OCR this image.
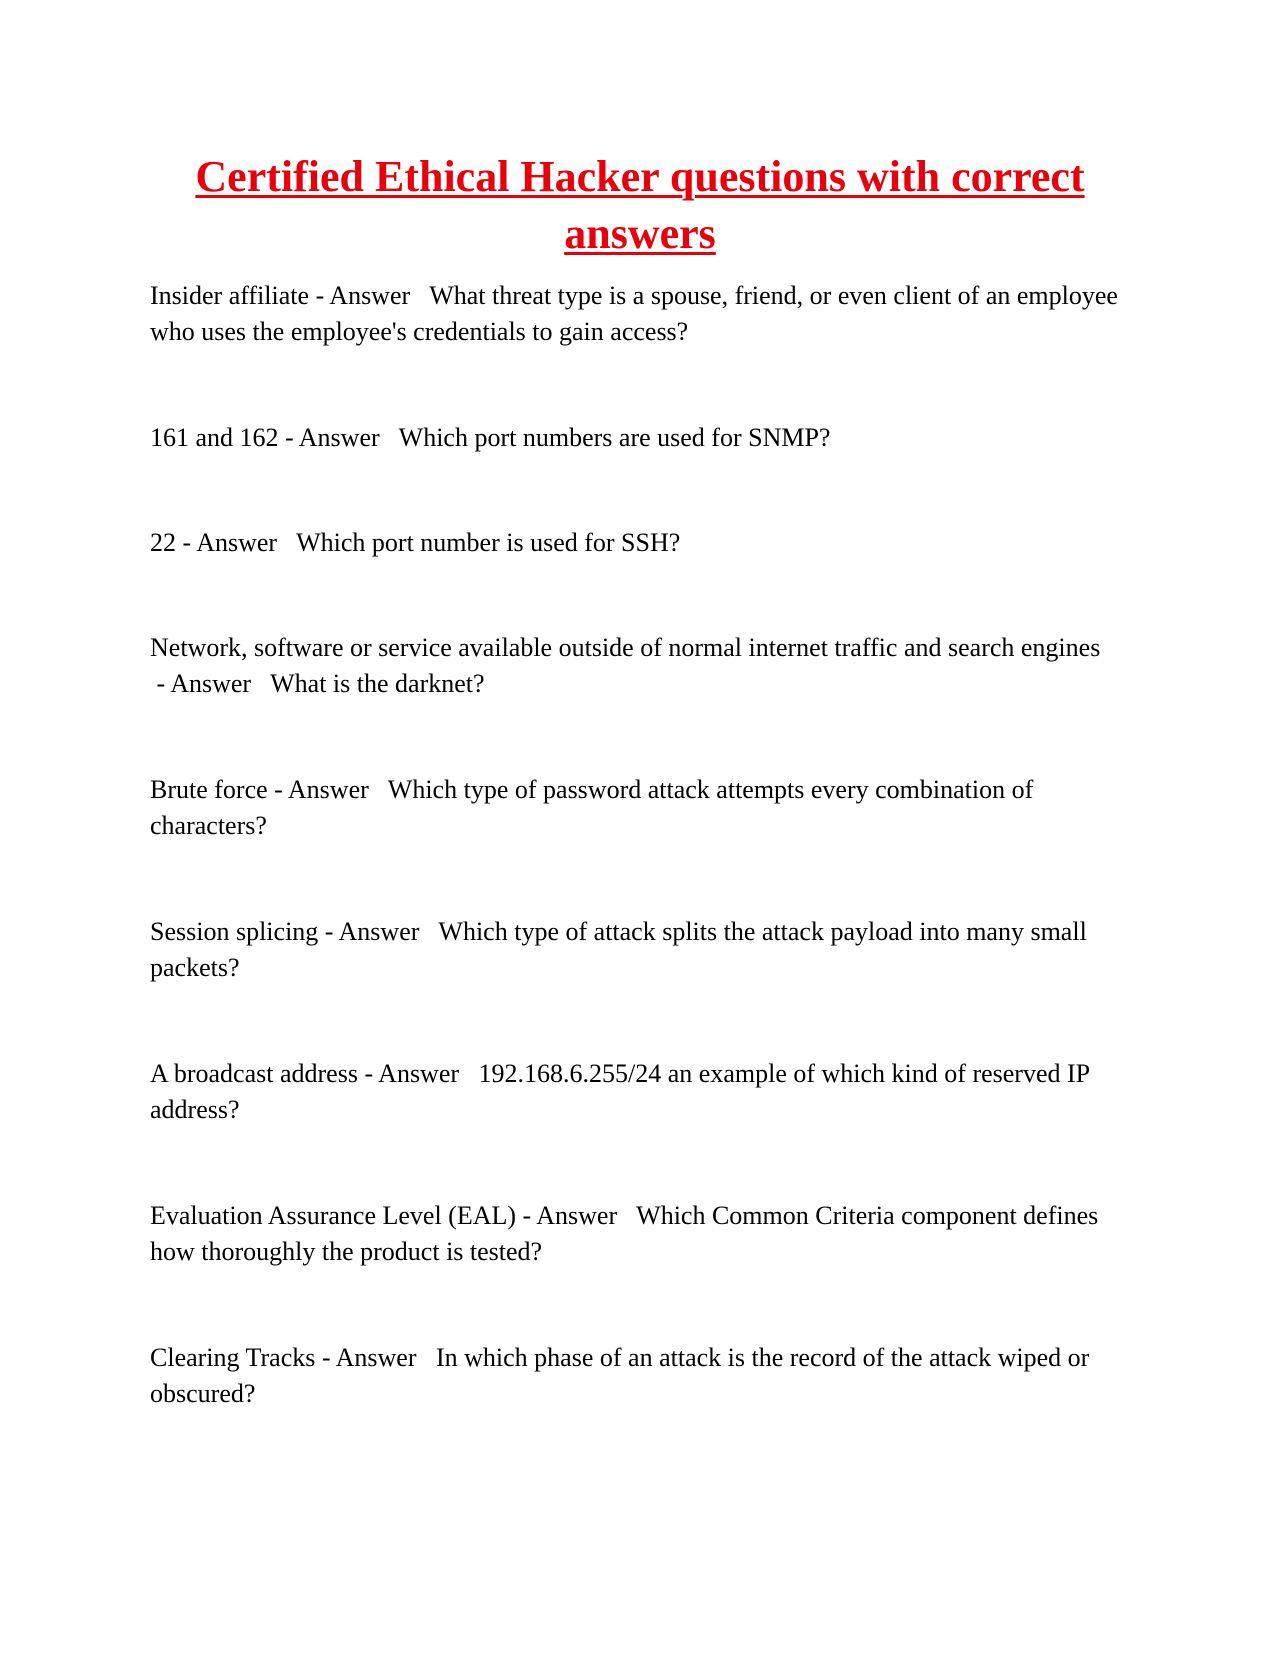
Certified Ethical Hacker questions with correct answers
Insider affiliate - Answer   What threat type is a spouse, friend, or even client of an employee who uses the employee's credentials to gain access?
161 and 162 - Answer   Which port numbers are used for SNMP?
22 - Answer   Which port number is used for SSH?
Network, software or service available outside of normal internet traffic and search engines - Answer   What is the darknet?
Brute force - Answer   Which type of password attack attempts every combination of characters?
Session splicing - Answer   Which type of attack splits the attack payload into many small packets?
A broadcast address - Answer   192.168.6.255/24 an example of which kind of reserved IP address?
Evaluation Assurance Level (EAL) - Answer   Which Common Criteria component defines how thoroughly the product is tested?
Clearing Tracks - Answer   In which phase of an attack is the record of the attack wiped or obscured?
